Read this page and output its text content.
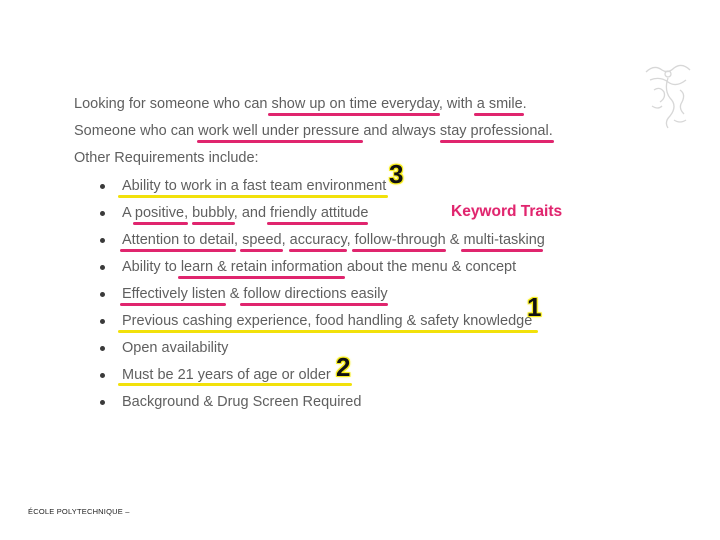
Looking for someone who can show up on time everyday, with a smile.
Someone who can work well under pressure and always stay professional.
Other Requirements include:
Ability to work in a fast team environment
A positive, bubbly, and friendly attitude
Attention to detail, speed, accuracy, follow-through & multi-tasking
Ability to learn & retain information about the menu & concept
Effectively listen & follow directions easily
Previous cashing experience, food handling & safety knowledge
Open availability
Must be 21 years of age or older
Background & Drug Screen Required
3
1
2
Keyword Traits
ÉCOLE POLYTECHNIQUE –
